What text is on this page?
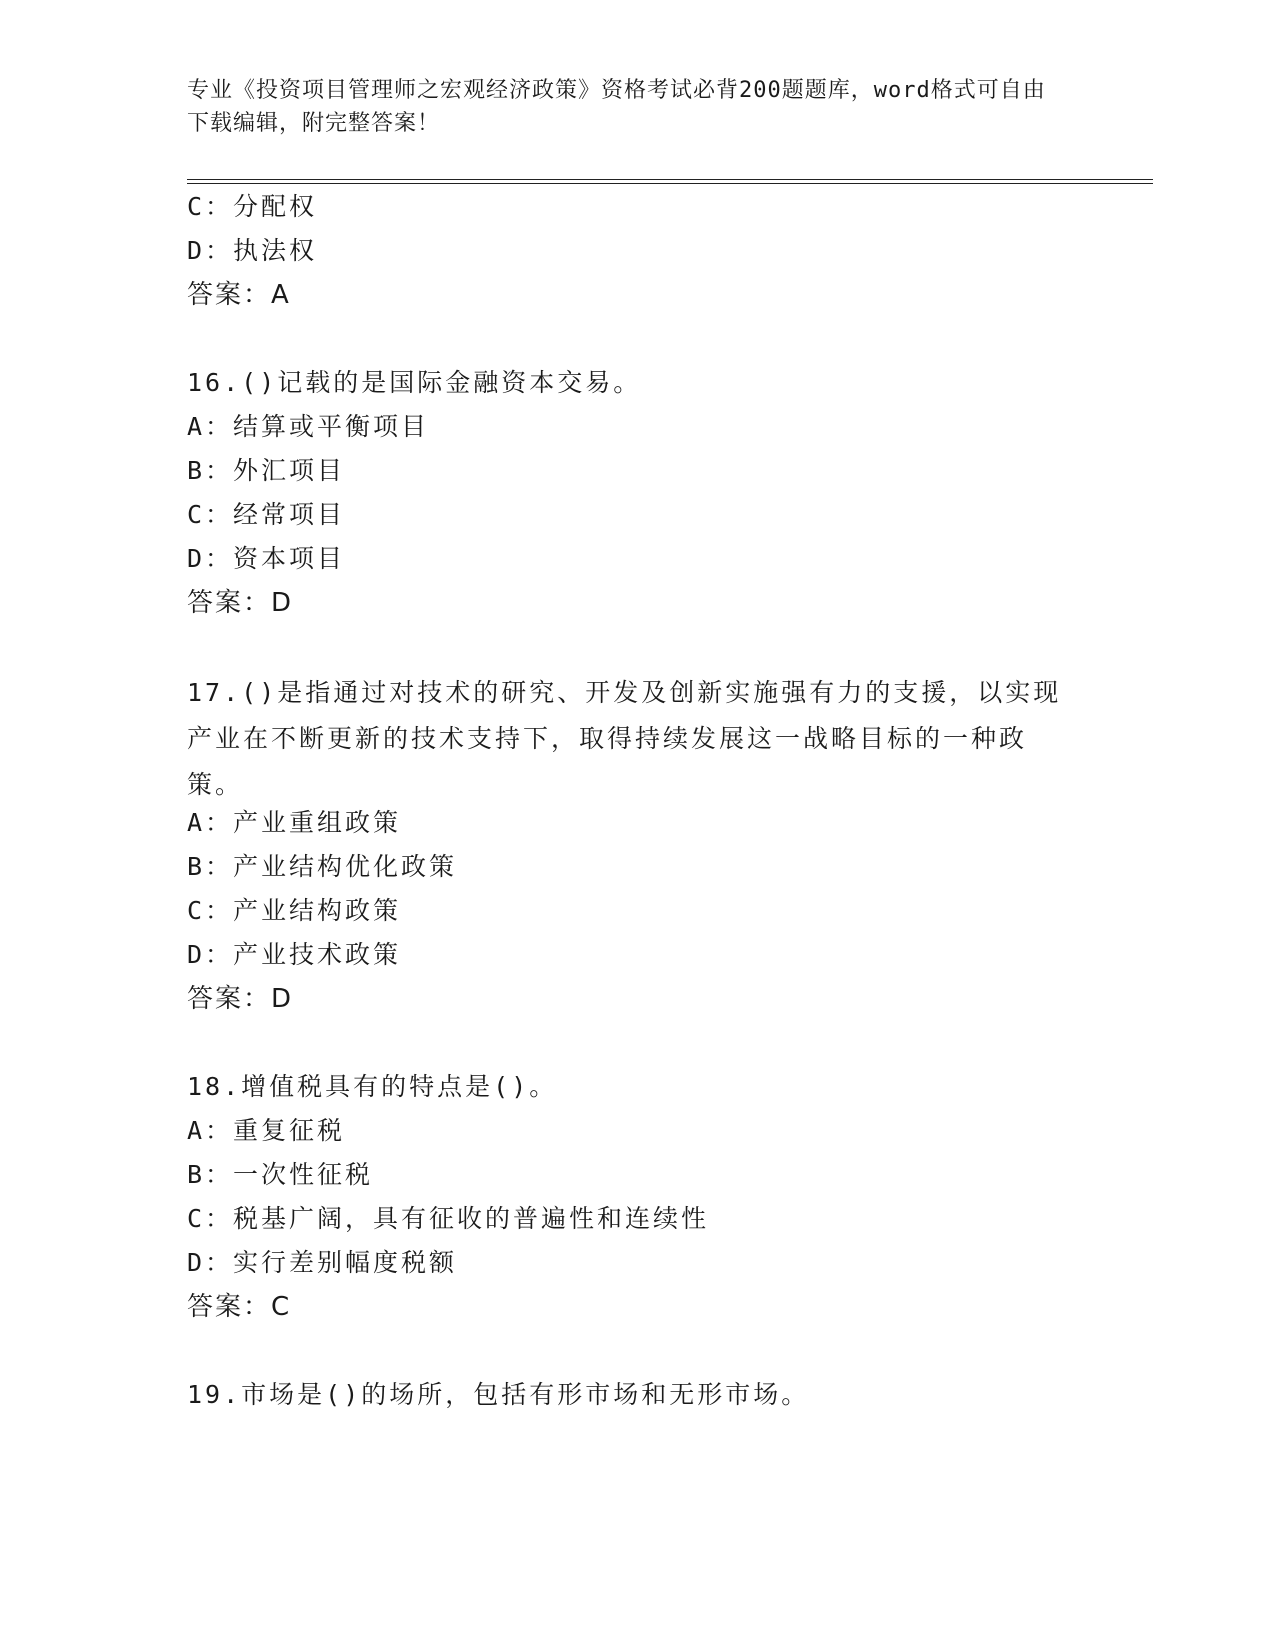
专业《投资项目管理师之宏观经济政策》资格考试必背200题题库，word格式可自由下载编辑，附完整答案！
C：分配权
D：执法权
答案：A
16.()记载的是国际金融资本交易。
A：结算或平衡项目
B：外汇项目
C：经常项目
D：资本项目
答案：D
17.()是指通过对技术的研究、开发及创新实施强有力的支援，以实现产业在不断更新的技术支持下，取得持续发展这一战略目标的一种政策。
A：产业重组政策
B：产业结构优化政策
C：产业结构政策
D：产业技术政策
答案：D
18.增值税具有的特点是()。
A：重复征税
B：一次性征税
C：税基广阔，具有征收的普遍性和连续性
D：实行差别幅度税额
答案：C
19.市场是()的场所，包括有形市场和无形市场。
